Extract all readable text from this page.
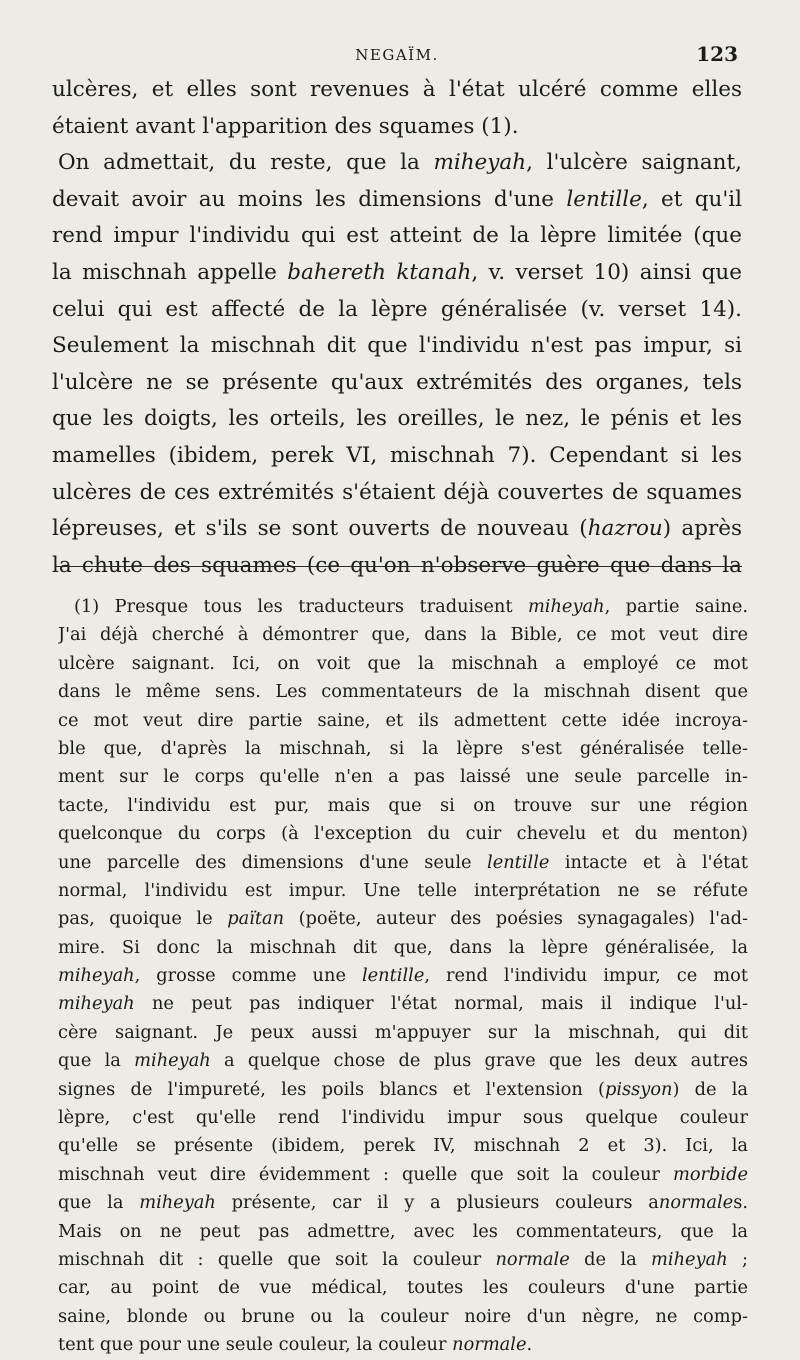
NEGAÏM.	123
ulcères, et elles sont revenues à l'état ulcéré comme elles
étaient avant l'apparition des squames (1).
On admettait, du reste, que la miheyah, l'ulcère saignant,
devait avoir au moins les dimensions d'une lentille, et qu'il
rend impur l'individu qui est atteint de la lèpre limitée (que
la mischnah appelle bahereth ktanah, v. verset 10) ainsi que
celui qui est affecté de la lèpre généralisée (v. verset 14).
Seulement la mischnah dit que l'individu n'est pas impur, si
l'ulcère ne se présente qu'aux extrémités des organes, tels
que les doigts, les orteils, les oreilles, le nez, le pénis et les
mamelles (ibidem, perek VI, mischnah 7). Cependant si les
ulcères de ces extrémités s'étaient déjà couvertes de squames
lépreuses, et s'ils se sont ouverts de nouveau (hazrou) après
la chute des squames (ce qu'on n'observe guère que dans la
(1) Presque tous les traducteurs traduisent miheyah, partie saine.
J'ai déjà cherché à démontrer que, dans la Bible, ce mot veut dire
ulcère saignant. Ici, on voit que la mischnah a employé ce mot
dans le même sens. Les commentateurs de la mischnah disent que
ce mot veut dire partie saine, et ils admettent cette idée incroya-
ble que, d'après la mischnah, si la lèpre s'est généralisée telle-
ment sur le corps qu'elle n'en a pas laissé une seule parcelle in-
tacte, l'individu est pur, mais que si on trouve sur une région
quelconque du corps (à l'exception du cuir chevelu et du menton)
une parcelle des dimensions d'une seule lentille intacte et à l'état
normal, l'individu est impur. Une telle interprétation ne se réfute
pas, quoique le païtan (poëte, auteur des poésies synagagales) l'ad-
mire. Si donc la mischnah dit que, dans la lèpre généralisée, la
miheyah, grosse comme une lentille, rend l'individu impur, ce mot
miheyah ne peut pas indiquer l'état normal, mais il indique l'ul-
cère saignant. Je peux aussi m'appuyer sur la mischnah, qui dit
que la miheyah a quelque chose de plus grave que les deux autres
signes de l'impureté, les poils blancs et l'extension (pissyon) de la
lèpre, c'est qu'elle rend l'individu impur sous quelque couleur
qu'elle se présente (ibidem, perek IV, mischnah 2 et 3). Ici, la
mischnah veut dire évidemment : quelle que soit la couleur morbide
que la miheyah présente, car il y a plusieurs couleurs anormales.
Mais on ne peut pas admettre, avec les commentateurs, que la
mischnah dit : quelle que soit la couleur normale de la miheyah ;
car, au point de vue médical, toutes les couleurs d'une partie
saine, blonde ou brune ou la couleur noire d'un nègre, ne comp-
tent que pour une seule couleur, la couleur normale.
